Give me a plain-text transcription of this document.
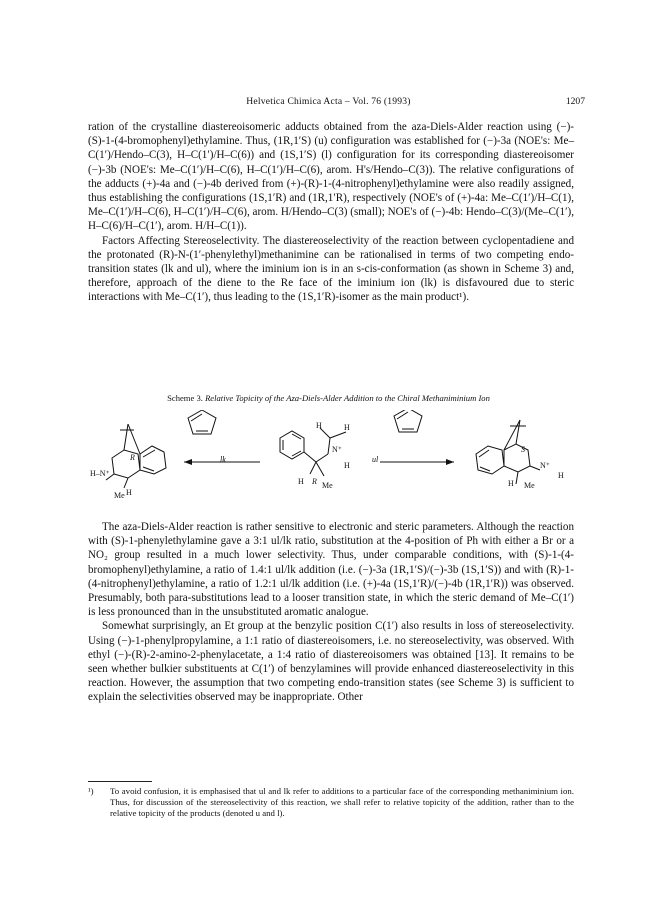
Helvetica Chimica Acta – Vol. 76 (1993)	1207

ration of the crystalline diastereoisomeric adducts obtained from the aza-Diels-Alder reaction using (−)-(S)-1-(4-bromophenyl)ethylamine. Thus, (1R,1′S) (u) configuration was established for (−)-3a (NOE's: Me–C(1′)/Hendo–C(3), H–C(1′)/H–C(6)) and (1S,1′S) (l) configuration for its corresponding diastereoisomer (−)-3b (NOE's: Me–C(1′)/H–C(6), H–C(1′)/H–C(6), arom. H's/Hendo–C(3)). The relative configurations of the adducts (+)-4a and (−)-4b derived from (+)-(R)-1-(4-nitrophenyl)ethylamine were also readily assigned, thus establishing the configurations (1S,1′R) and (1R,1′R), respectively (NOE's of (+)-4a: Me–C(1′)/H–C(1), Me–C(1′)/H–C(6), H–C(1′)/H–C(6), arom. H/Hendo–C(3) (small); NOE's of (−)-4b: Hendo–C(3)/(Me–C(1′), H–C(6)/H–C(1′), arom. H/H–C(1)).

Factors Affecting Stereoselectivity. The diastereoselectivity of the reaction between cyclopentadiene and the protonated (R)-N-(1′-phenylethyl)methanimine can be rationalised in terms of two competing endo-transition states (lk and ul), where the iminium ion is in an s-cis-conformation (as shown in Scheme 3) and, therefore, approach of the diene to the Re face of the iminium ion (lk) is disfavoured due to steric interactions with Me–C(1′), thus leading to the (1S,1′R)-isomer as the main product¹).

Scheme 3. Relative Topicity of the Aza-Diels-Alder Addition to the Chiral Methaniminium Ion
H–N⁺
R
Me H
lk
H	H
N⁺
H
H R Me
ul
S
N⁺
H
H Me

The aza-Diels-Alder reaction is rather sensitive to electronic and steric parameters. Although the reaction with (S)-1-phenylethylamine gave a 3:1 ul/lk ratio, substitution at the 4-position of Ph with either a Br or a NO₂ group resulted in a much lower selectivity. Thus, under comparable conditions, with (S)-1-(4-bromophenyl)ethylamine, a ratio of 1.4:1 ul/lk addition (i.e. (−)-3a (1R,1′S)/(−)-3b (1S,1′S)) and with (R)-1-(4-nitrophenyl)ethylamine, a ratio of 1.2:1 ul/lk addition (i.e. (+)-4a (1S,1′R)/(−)-4b (1R,1′R)) was observed. Presumably, both para-substitutions lead to a looser transition state, in which the steric demand of Me–C(1′) is less pronounced than in the unsubstituted aromatic analogue.

Somewhat surprisingly, an Et group at the benzylic position C(1′) also results in loss of stereoselectivity. Using (−)-1-phenylpropylamine, a 1:1 ratio of diastereoisomers, i.e. no stereoselectivity, was observed. With ethyl (−)-(R)-2-amino-2-phenylacetate, a 1:4 ratio of diastereoisomers was obtained [13]. It remains to be seen whether bulkier substituents at C(1′) of benzylamines will provide enhanced diastereoselectivity in this reaction. However, the assumption that two competing endo-transition states (see Scheme 3) is sufficient to explain the selectivities observed may be inappropriate. Other

¹) To avoid confusion, it is emphasised that ul and lk refer to additions to a particular face of the corresponding methaniminium ion. Thus, for discussion of the stereoselectivity of this reaction, we shall refer to relative topicity of the addition, rather than to the relative topicity of the products (denoted u and l).
